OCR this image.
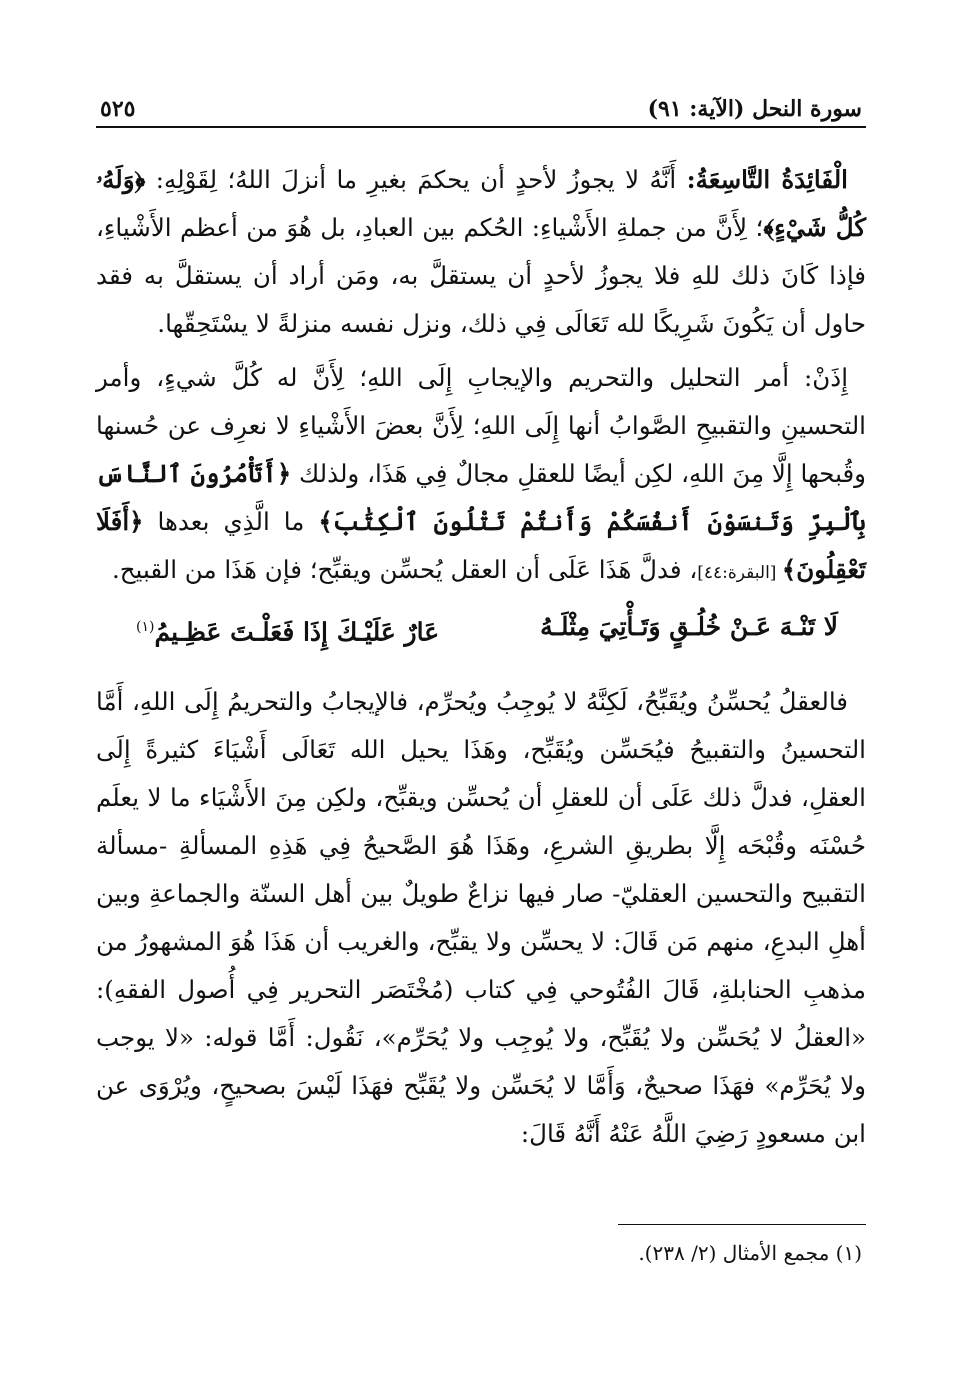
سورة النحل (الآية: ٩١)
٥٢٥

الْفَائِدَةُ التَّاسِعَةُ: أَنَّهُ لا يجوزُ لأحدٍ أن يحكمَ بغيرِ ما أنزلَ اللهُ؛ لِقَوْلِهِ: ﴿وَلَهُۥ كُلُّ شَيْءٍ﴾؛ لِأَنَّ من جملةِ الأَشْياءِ: الحُكم بين العبادِ، بل هُوَ من أعظم الأَشْياءِ، فإذا كَانَ ذلك للهِ فلا يجوزُ لأحدٍ أن يستقلَّ به، ومَن أراد أن يستقلَّ به فقد حاول أن يَكُونَ شَرِيكًا لله تَعَالَى فِي ذلك، ونزل نفسه منزلةً لا يسْتَحِقّها.

إِذَنْ: أمر التحليل والتحريم والإيجابِ إِلَى اللهِ؛ لِأَنَّ له كُلَّ شيءٍ، وأمر التحسينِ والتقبيحِ الصَّوابُ أنها إِلَى اللهِ؛ لِأَنَّ بعضَ الأَشْياءِ لا نعرِف عن حُسنها وقُبحها إِلَّا مِنَ اللهِ، لكِن أيضًا للعقلِ مجالٌ فِي هَذَا، ولذلك ﴿أَتَأْمُرُونَ ٱلنَّاسَ بِٱلْبِرِّ وَتَنسَوْنَ أَنفُسَكُمْ وَأَنتُمْ تَتْلُونَ ٱلْكِتَٰبَ﴾ ما الَّذِي بعدها ﴿أَفَلَا تَعْقِلُونَ﴾ [البقرة:٤٤]، فدلَّ هَذَا عَلَى أن العقل يُحسِّن ويقبِّح؛ فإن هَذَا من القبيح.

لَا تَنْـهَ عَـنْ خُلُـقٍ وَتَـأْتِيَ مِثْلَـهُ
عَارٌ عَلَيْـكَ إِذَا فَعَلْـتَ عَظِـيمُ$^{(١)}$

فالعقلُ يُحسِّنُ ويُقَبِّحُ، لَكِنَّهُ لا يُوجِبُ ويُحرِّم، فالإيجابُ والتحريمُ إِلَى اللهِ، أَمَّا التحسينُ والتقبيحُ فيُحَسِّن ويُقَبِّح، وهَذَا يحيل الله تَعَالَى أَشْيَاءَ كثيرةً إِلَى العقلِ، فدلَّ ذلك عَلَى أن للعقلِ أن يُحسِّن ويقبِّح، ولكِن مِنَ الأَشْيَاء ما لا يعلَم حُسْنَه وقُبْحَه إِلَّا بطريقِ الشرعِ، وهَذَا هُوَ الصَّحيحُ فِي هَذِهِ المسألةِ -مسألة التقبيح والتحسين العقليّ- صار فيها نزاعٌ طويلٌ بين أهل السنّة والجماعةِ وبين أهلِ البدعِ، منهم مَن قَالَ: لا يحسِّن ولا يقبِّح، والغريب أن هَذَا هُوَ المشهورُ من مذهبِ الحنابلةِ، قَالَ الفُتُوحي فِي كتاب (مُخْتَصَر التحرير فِي أُصول الفقهِ): «العقلُ لا يُحَسِّن ولا يُقَبِّح، ولا يُوجِب ولا يُحَرِّم»، نَقُول: أَمَّا قوله: «لا يوجب ولا يُحَرِّم» فهَذَا صحيحٌ، وَأَمَّا لا يُحَسِّن ولا يُقَبِّح فهَذَا لَيْسَ بصحيحٍ، ويُرْوَى عن ابن مسعودٍ رَضِيَ اللَّهُ عَنْهُ أَنَّهُ قَالَ:

(١) مجمع الأمثال (٢/ ٢٣٨).
